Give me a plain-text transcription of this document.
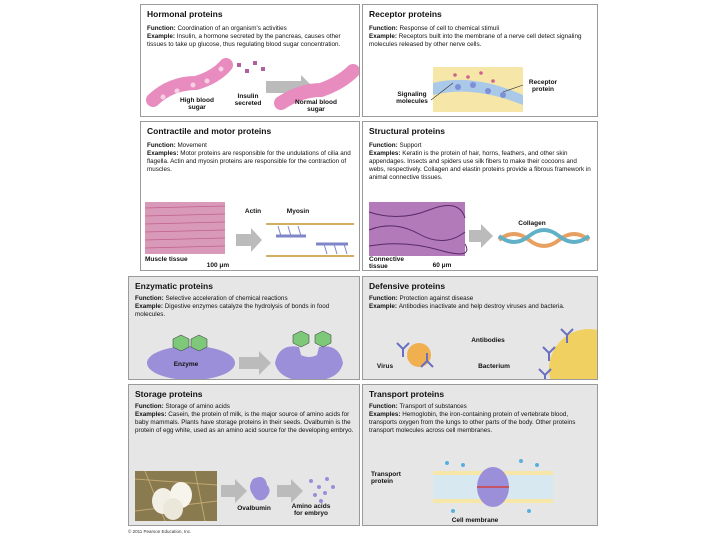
Hormonal proteins
Function: Coordination of an organism's activities
Example: Insulin, a hormone secreted by the pancreas, causes other tissues to take up glucose, thus regulating blood sugar concentration.
High blood sugar
Insulin secreted	Normal blood sugar
Receptor proteins
Function: Response of cell to chemical stimuli
Example: Receptors built into the membrane of a nerve cell detect signaling molecules released by other nerve cells.
Receptor protein
Signaling molecules
Contractile and motor proteins
Function: Movement
Examples: Motor proteins are responsible for the undulations of cilia and flagella. Actin and myosin proteins are responsible for the contraction of muscles.
Actin	Myosin
Muscle tissue
100 μm
Structural proteins
Function: Support
Examples: Keratin is the protein of hair, horns, feathers, and other skin appendages. Insects and spiders use silk fibers to make their cocoons and webs, respectively. Collagen and elastin proteins provide a fibrous framework in animal connective tissues.
Collagen
Connective tissue	60 μm
Enzymatic proteins
Function: Selective acceleration of chemical reactions
Example: Digestive enzymes catalyze the hydrolysis of bonds in food molecules.
Enzyme
Defensive proteins
Function: Protection against disease
Example: Antibodies inactivate and help destroy viruses and bacteria.
Antibodies
Virus	Bacterium
Storage proteins
Function: Storage of amino acids
Examples: Casein, the protein of milk, is the major source of amino acids for baby mammals. Plants have storage proteins in their seeds. Ovalbumin is the protein of egg white, used as an amino acid source for the developing embryo.
Ovalbumin	Amino acids for embryo
Transport proteins
Function: Transport of substances
Examples: Hemoglobin, the iron-containing protein of vertebrate blood, transports oxygen from the lungs to other parts of the body. Other proteins transport molecules across cell membranes.
Transport protein
Cell membrane
© 2011 Pearson Education, Inc.
